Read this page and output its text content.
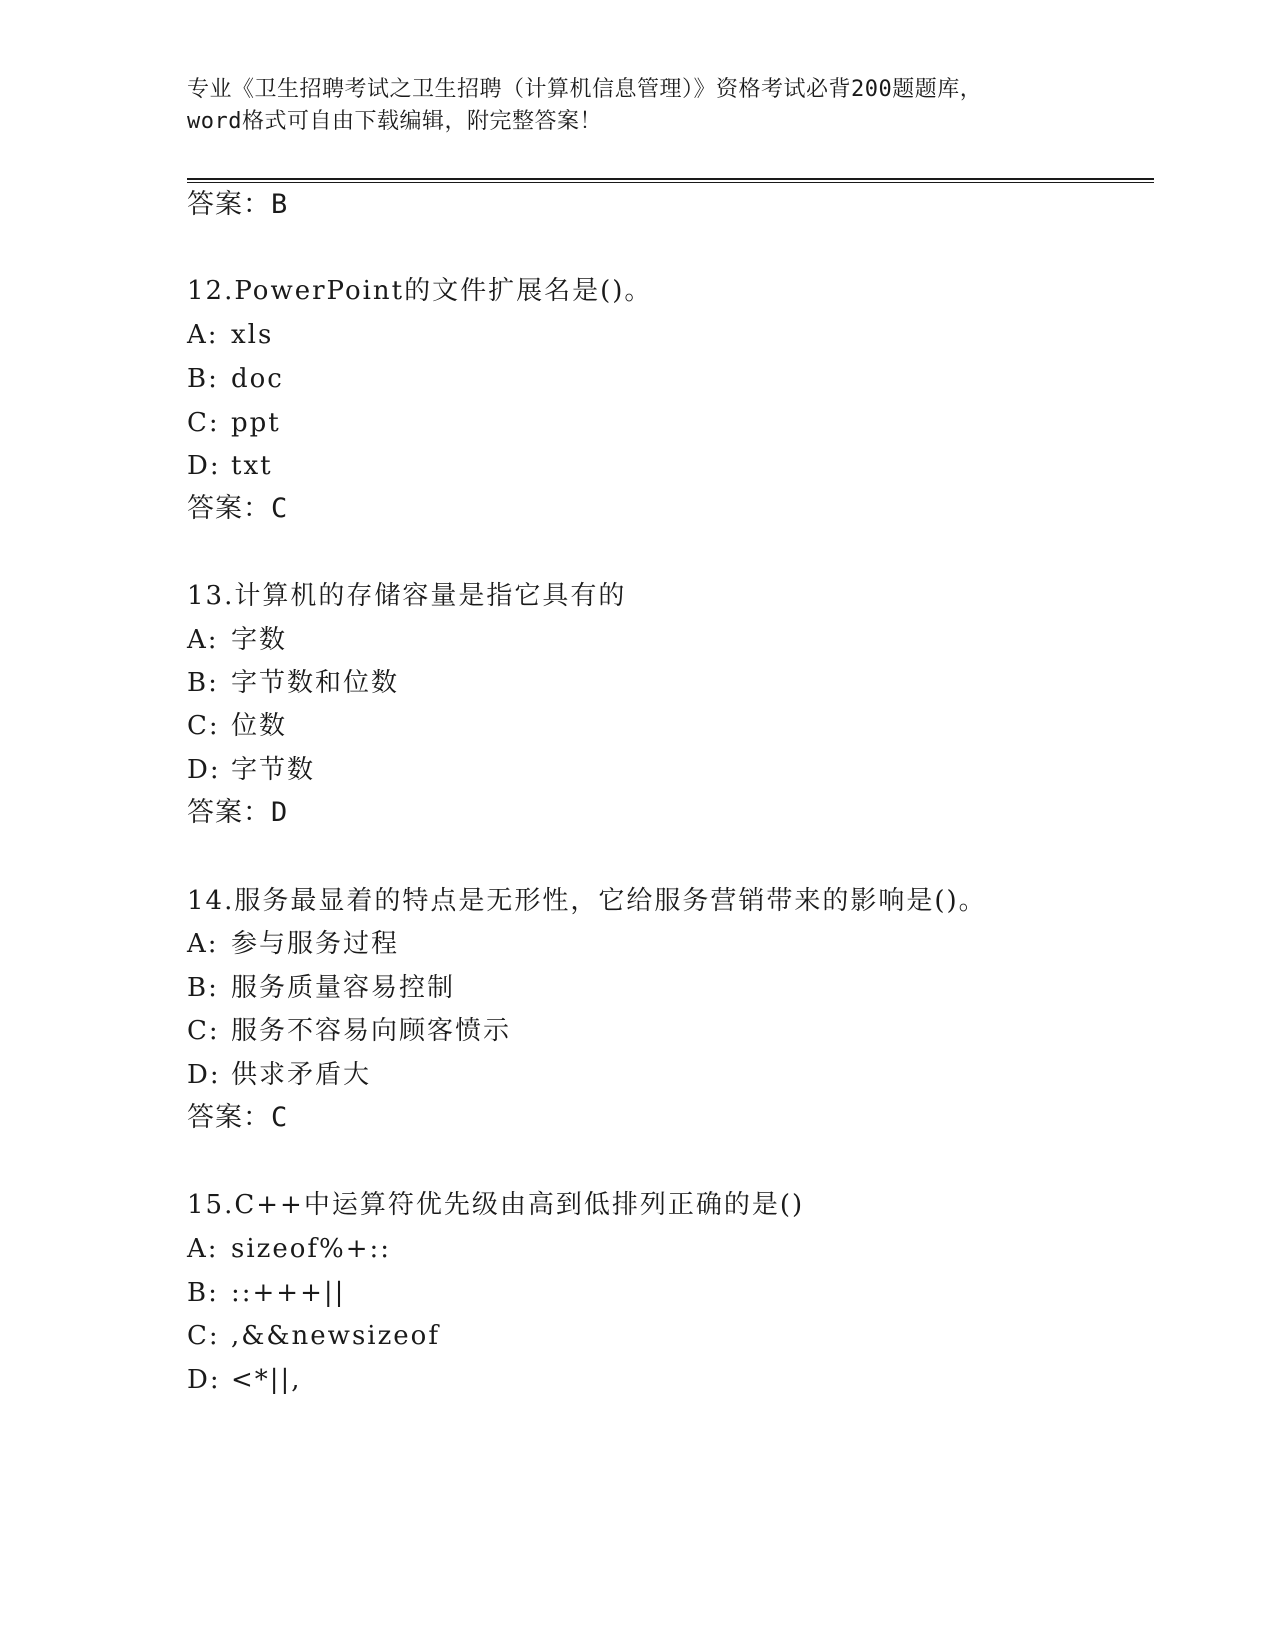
专业《卫生招聘考试之卫生招聘（计算机信息管理）》资格考试必背200题题库，
word格式可自由下载编辑，附完整答案！
答案：B
12.PowerPoint的文件扩展名是()。
A: xls
B: doc
C: ppt
D: txt
答案：C
13.计算机的存储容量是指它具有的
A: 字数
B: 字节数和位数
C: 位数
D: 字节数
答案：D
14.服务最显着的特点是无形性，它给服务营销带来的影响是()。
A: 参与服务过程
B: 服务质量容易控制
C: 服务不容易向顾客愤示
D: 供求矛盾大
答案：C
15.C++中运算符优先级由高到低排列正确的是()
A: sizeof%+::
B: ::+++||
C: ,&&newsizeof
D: <*||,
